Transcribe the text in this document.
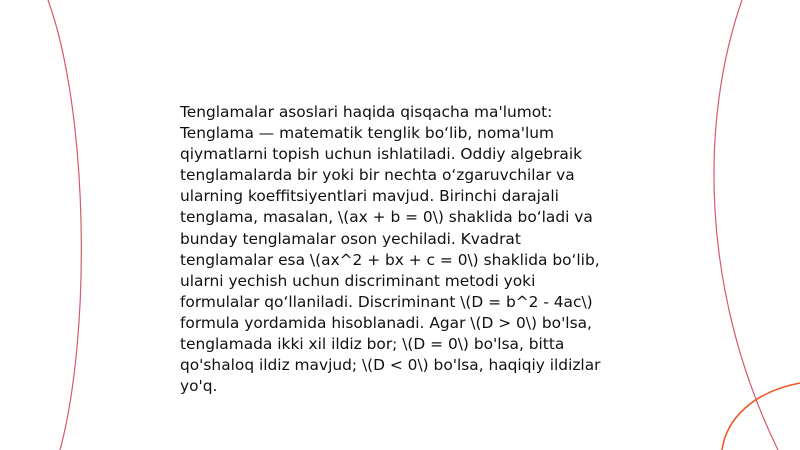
Tenglamalar asoslari haqida qisqacha ma'lumot:
Tenglama — matematik tenglik bo‘lib, noma'lum
qiymatlarni topish uchun ishlatiladi. Oddiy algebraik
tenglamalarda bir yoki bir nechta o‘zgaruvchilar va
ularning koeffitsiyentlari mavjud. Birinchi darajali
tenglama, masalan, \(ax + b = 0\) shaklida bo‘ladi va
bunday tenglamalar oson yechiladi. Kvadrat
tenglamalar esa \(ax^2 + bx + c = 0\) shaklida bo‘lib,
ularni yechish uchun discriminant metodi yoki
formulalar qo‘llaniladi. Discriminant \(D = b^2 - 4ac\)
formula yordamida hisoblanadi. Agar \(D > 0\) bo'lsa,
tenglamada ikki xil ildiz bor; \(D = 0\) bo'lsa, bitta
qo'shaloq ildiz mavjud; \(D < 0\) bo'lsa, haqiqiy ildizlar
yo'q.
